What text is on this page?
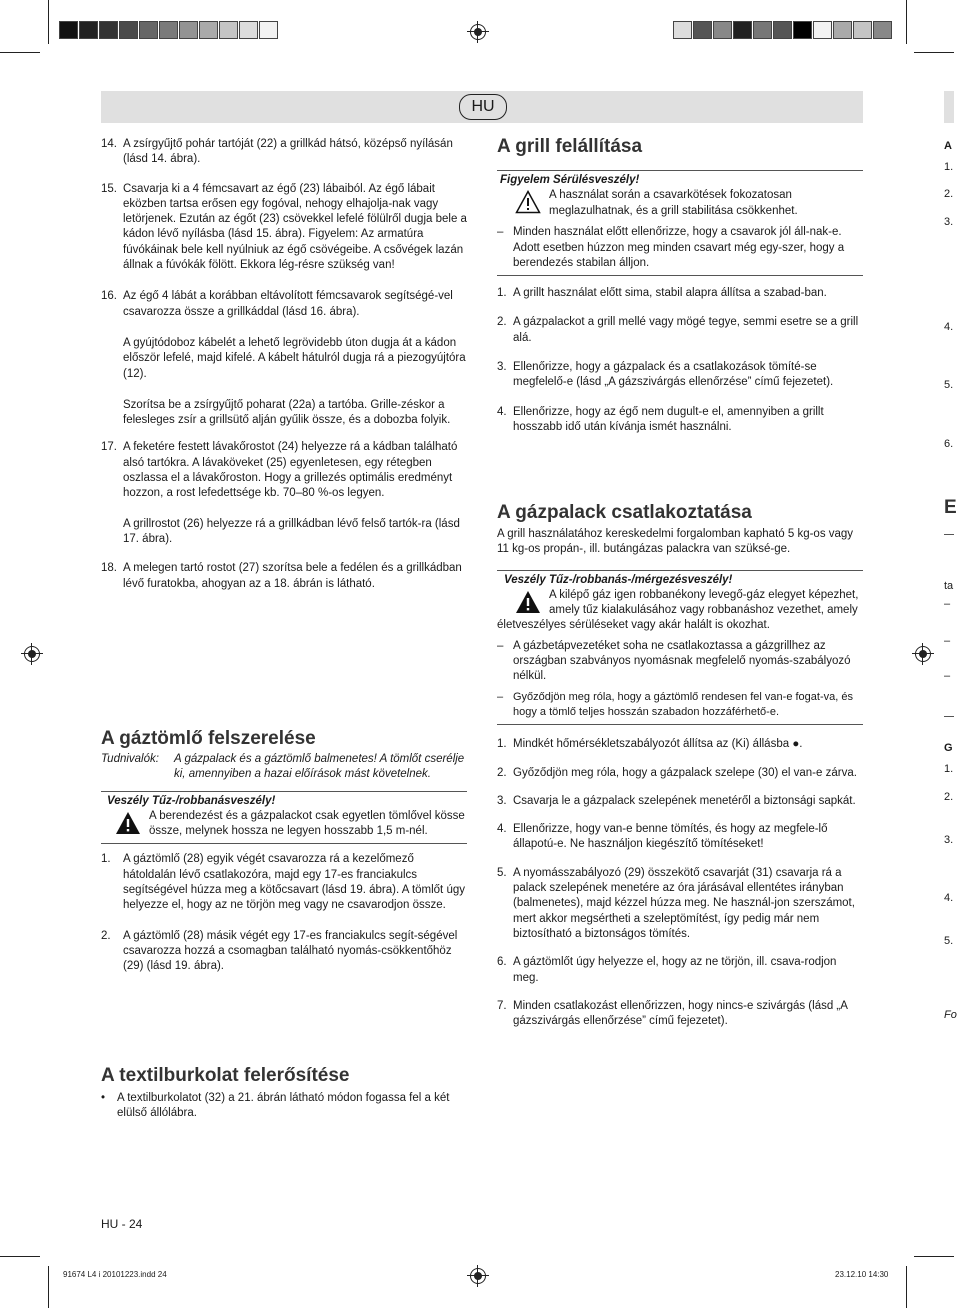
HU
14. A zsírgyűjtő pohár tartóját (22) a grillkád hátsó, középső nyílásán (lásd 14. ábra).
15. Csavarja ki a 4 fémcsavart az égő (23) lábaiból. Az égő lábait eközben tartsa erősen egy fogóval, nehogy elhajolja-nak vagy letörjenek. Ezután az égőt (23) csövekkel lefelé fölülről dugja bele a kádon lévő nyílásba (lásd 15. ábra). Figyelem: Az armatúra fúvókáinak bele kell nyúlniuk az égő csövégeibe. A csővégek lazán állnak a fúvókák fölött. Ekkora lég-résre szükség van!
16. Az égő 4 lábát a korábban eltávolított fémcsavarok segítségé-vel csavarozza össze a grillkáddal (lásd 16. ábra).
A gyújtódoboz kábelét a lehető legrövidebb úton dugja át a kádon először lefelé, majd kifelé. A kábelt hátulról dugja rá a piezogyújtóra (12).
Szorítsa be a zsírgyűjtő poharat (22a) a tartóba. Grille-zéskor a felesleges zsír a grillsütő alján gyűlik össze, és a dobozba folyik.
17. A feketére festett lávakőrostot (24) helyezze rá a kádban található alsó tartókra. A lávaköveket (25) egyenletesen, egy rétegben oszlassa el a lávakőroston. Hogy a grillezés optimális eredményt hozzon, a rost lefedettsége kb. 70–80 %-os legyen.
A grillrostot (26) helyezze rá a grillkádban lévő felső tartók-ra (lásd 17. ábra).
18. A melegen tartó rostot (27) szorítsa bele a fedélen és a grillkádban lévő furatokba, ahogyan az a 18. ábrán is látható.
A gáztömlő felszerelése
Tudnivalók:	A gázpalack és a gáztömlő balmenetes! A tömlőt cserélje ki, amennyiben a hazai előírások mást követelnek.
Veszély Tűz-/robbanásveszély!
A berendezést és a gázpalackot csak egyetlen tömlővel kösse össze, melynek hossza ne legyen hosszabb 1,5 m-nél.
1.	A gáztömlő (28) egyik végét csavarozza rá a kezelőmező hátoldalán lévő csatlakozóra, majd egy 17-es franciakulcs segítségével húzza meg a kötőcsavart (lásd 19. ábra). A tömlőt úgy helyezze el, hogy az ne törjön meg vagy ne csavarodjon össze.
2.	A gáztömlő (28) másik végét egy 17-es franciakulcs segít-ségével csavarozza hozzá a csomagban található nyomás-csökkentőhöz (29) (lásd 19. ábra).
A textilburkolat felerősítése
•	A textilburkolatot (32) a 21. ábrán látható módon fogassa fel a két elülső állólábra.
HU - 24
A grill felállítása
Figyelem Sérülésveszély!
A használat során a csavarkötések fokozatosan meglazulhatnak, és a grill stabilitása csökkenhet.
– Minden használat előtt ellenőrizze, hogy a csavarok jól áll-nak-e. Adott esetben húzzon meg minden csavart még egy-szer, hogy a berendezés stabilan álljon.
1. A grillt használat előtt sima, stabil alapra állítsa a szabad-ban.
2. A gázpalackot a grill mellé vagy mögé tegye, semmi esetre se a grill alá.
3. Ellenőrizze, hogy a gázpalack és a csatlakozások tömíté-se megfelelő-e (lásd „A gázszivárgás ellenőrzése” című fejezetet).
4. Ellenőrizze, hogy az égő nem dugult-e el, amennyiben a grillt hosszabb idő után kívánja ismét használni.
A gázpalack csatlakoztatása
A grill használatához kereskedelmi forgalomban kapható 5 kg-os vagy 11 kg-os propán-, ill. butángázas palackra van szüksé-ge.
Veszély Tűz-/robbanás-/mérgezésveszély!
A kilépő gáz igen robbanékony levegő-gáz elegyet képezhet, amely tűz kialakulásához vagy robbanáshoz vezethet, amely életveszélyes sérüléseket vagy akár halált is okozhat.
– A gázbetápvezetéket soha ne csatlakoztassa a gázgrillhez az országban szabványos nyomásnak megfelelő nyomás-szabályozó nélkül.
– Győződjön meg róla, hogy a gáztömlő rendesen fel van-e fogat-va, és hogy a tömlő teljes hosszán szabadon hozzáférhető-e.
1. Mindkét hőmérsékletszabályozót állítsa az (Ki) állásba ●.
2. Győződjön meg róla, hogy a gázpalack szelepe (30) el van-e zárva.
3. Csavarja le a gázpalack szelepének menetéről a biztonsági sapkát.
4. Ellenőrizze, hogy van-e benne tömítés, és hogy az megfele-lő állapotú-e. Ne használjon kiegészítő tömítéseket!
5. A nyomásszabályozó (29) összekötő csavarját (31) csavarja rá a palack szelepének menetére az óra járásával ellentétes irányban (balmenetes), majd kézzel húzza meg. Ne használ-jon szerszámot, mert akkor megsértheti a szeleptömítést, így pedig már nem biztosítható a biztonságos tömítés.
6. A gáztömlőt úgy helyezze el, hogy az ne törjön, ill. csava-rodjon meg.
7. Minden csatlakozást ellenőrizzen, hogy nincs-e szivárgás (lásd „A gázszivárgás ellenőrzése” című fejezetet).
A
1.
2.
3.
4.
5.
6.
E
ta
–
–
–
G
1.
2.
3.
4.
5.
Fo
91674 L4 i 20101223.indd 24	23.12.10 14:30
